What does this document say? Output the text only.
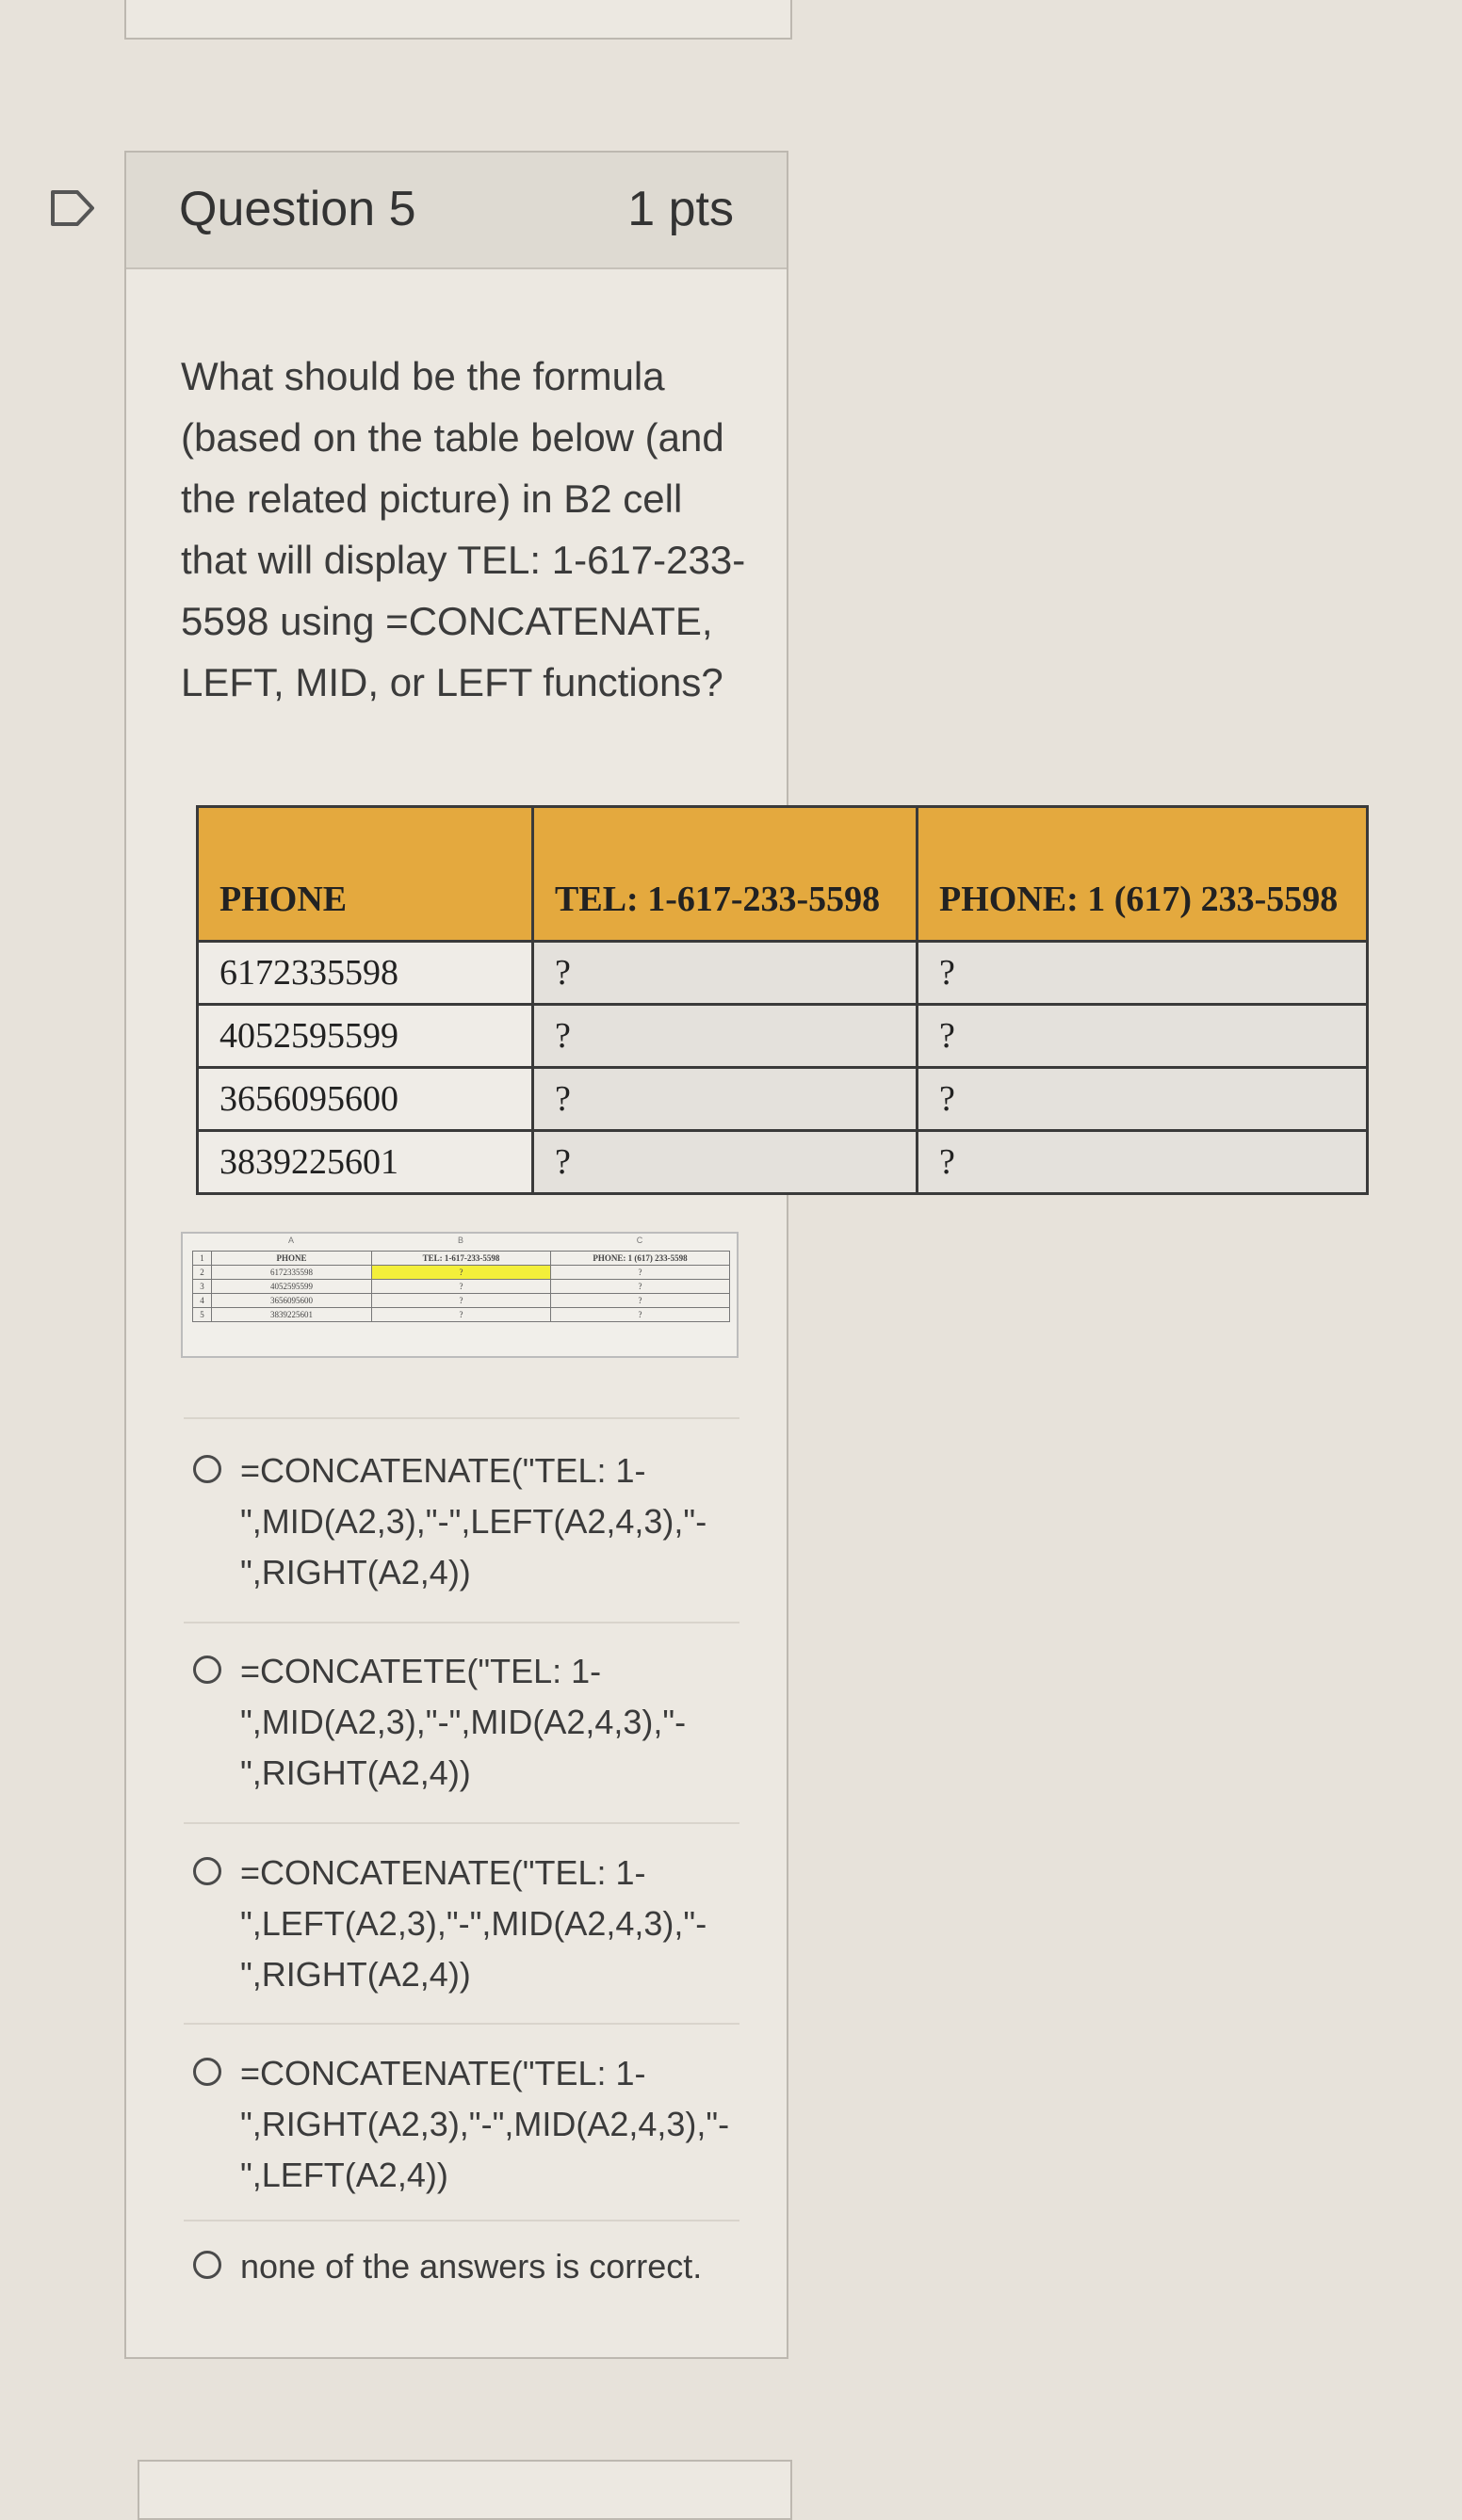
Question 5	1 pts
What should be the formula (based on the table below (and the related picture) in B2 cell that will display TEL: 1-617-233-5598 using =CONCATENATE, LEFT, MID, or LEFT functions?
PHONE	TEL: 1-617-233-5598	PHONE: 1 (617) 233-5598
6172335598	?	?
4052595599	?	?
3656095600	?	?
3839225601	?	?
A	B	C
1	PHONE	TEL: 1-617-233-5598	PHONE: 1 (617) 233-5598
2	6172335598	?	?
3	4052595599	?	?
4	3656095600	?	?
5	3839225601	?	?
=CONCATENATE("TEL: 1-",MID(A2,3),"-",LEFT(A2,4,3),"-",RIGHT(A2,4))
=CONCATETE("TEL: 1-",MID(A2,3),"-",MID(A2,4,3),"-",RIGHT(A2,4))
=CONCATENATE("TEL: 1-",LEFT(A2,3),"-",MID(A2,4,3),"-",RIGHT(A2,4))
=CONCATENATE("TEL: 1-",RIGHT(A2,3),"-",MID(A2,4,3),"-",LEFT(A2,4))
none of the answers is correct.
